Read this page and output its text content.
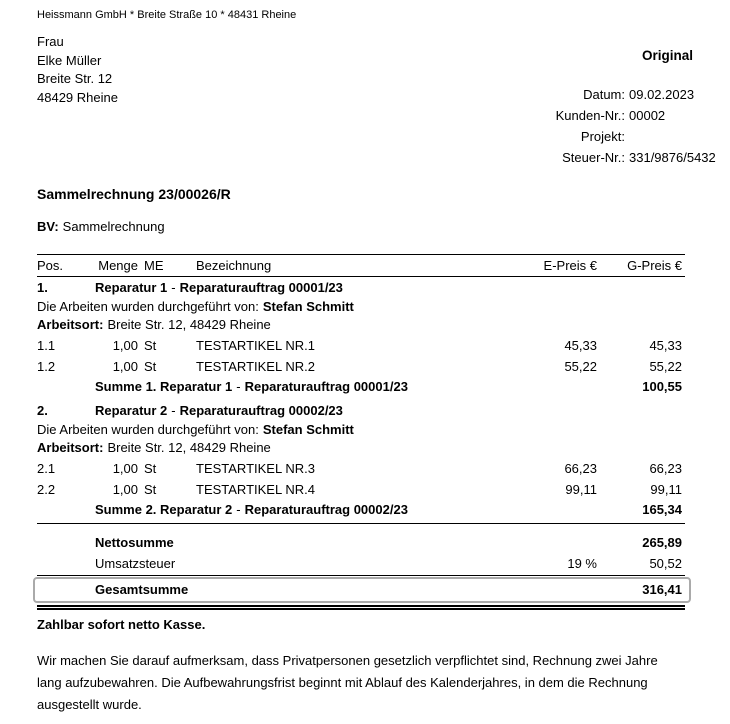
Heissmann GmbH * Breite Straße 10 * 48431 Rheine
Frau
Elke Müller
Breite Str. 12
48429 Rheine
Original
Datum: 09.02.2023
Kunden-Nr.: 00002
Projekt:
Steuer-Nr.: 331/9876/5432
Sammelrechnung 23/00026/R
BV: Sammelrechnung
Pos.	Menge ME	Bezeichnung	E-Preis €	G-Preis €
1.	Reparatur 1 - Reparaturauftrag 00001/23
Die Arbeiten wurden durchgeführt von: Stefan Schmitt
Arbeitsort: Breite Str. 12, 48429 Rheine
1.1	1,00 St	TESTARTIKEL NR.1	45,33	45,33
1.2	1,00 St	TESTARTIKEL NR.2	55,22	55,22
Summe 1. Reparatur 1 - Reparaturauftrag 00001/23	100,55
2.	Reparatur 2 - Reparaturauftrag 00002/23
Die Arbeiten wurden durchgeführt von: Stefan Schmitt
Arbeitsort: Breite Str. 12, 48429 Rheine
2.1	1,00 St	TESTARTIKEL NR.3	66,23	66,23
2.2	1,00 St	TESTARTIKEL NR.4	99,11	99,11
Summe 2. Reparatur 2 - Reparaturauftrag 00002/23	165,34
Nettosumme	265,89
Umsatzsteuer	19 %	50,52
Gesamtsumme	316,41
Zahlbar sofort netto Kasse.
Wir machen Sie darauf aufmerksam, dass Privatpersonen gesetzlich verpflichtet sind, Rechnung zwei Jahre
lang aufzubewahren. Die Aufbewahrungsfrist beginnt mit Ablauf des Kalenderjahres, in dem die Rechnung
ausgestellt wurde.
